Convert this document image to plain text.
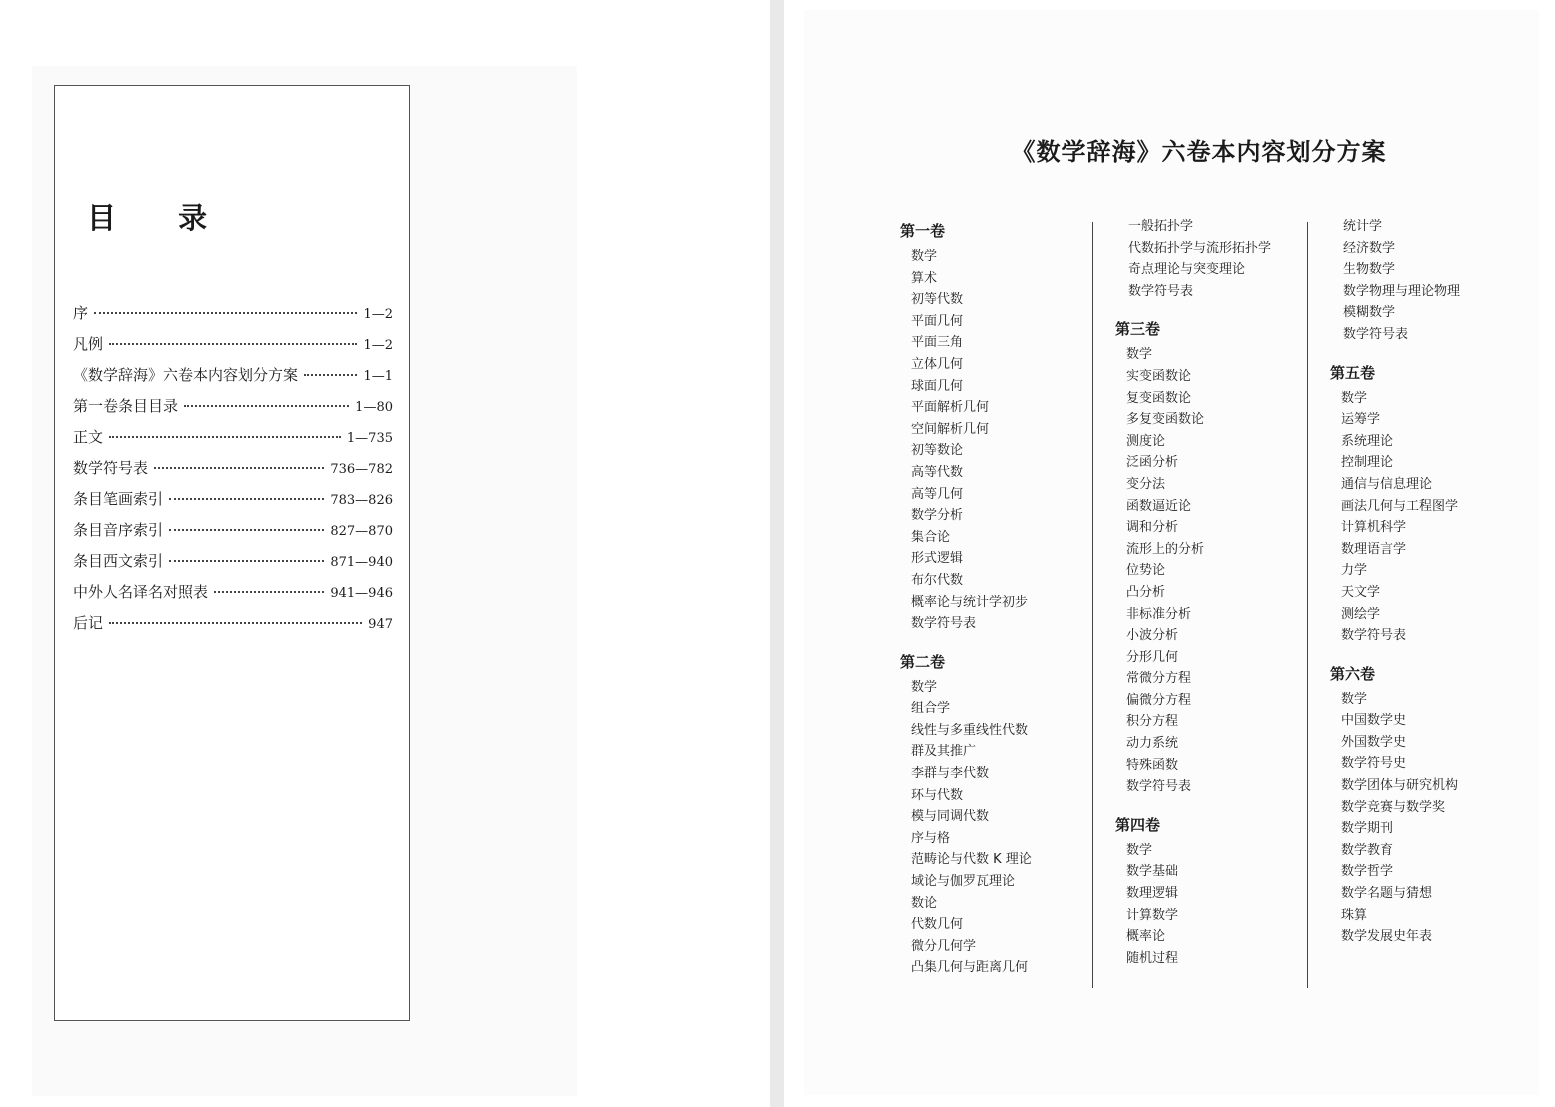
目 录
序	1—2
凡例	1—2
《数学辞海》六卷本内容划分方案	1—1
第一卷条目目录	1—80
正文	1—735
数学符号表	736—782
条目笔画索引	783—826
条目音序索引	827—870
条目西文索引	871—940
中外人名译名对照表	941—946
后记	947
《数学辞海》六卷本内容划分方案
第一卷
数学
算术
初等代数
平面几何
平面三角
立体几何
球面几何
平面解析几何
空间解析几何
初等数论
高等代数
高等几何
数学分析
集合论
形式逻辑
布尔代数
概率论与统计学初步
数学符号表
第二卷
数学
组合学
线性与多重线性代数
群及其推广
李群与李代数
环与代数
模与同调代数
序与格
范畴论与代数 K 理论
域论与伽罗瓦理论
数论
代数几何
微分几何学
凸集几何与距离几何
一般拓扑学
代数拓扑学与流形拓扑学
奇点理论与突变理论
数学符号表
第三卷
数学
实变函数论
复变函数论
多复变函数论
测度论
泛函分析
变分法
函数逼近论
调和分析
流形上的分析
位势论
凸分析
非标准分析
小波分析
分形几何
常微分方程
偏微分方程
积分方程
动力系统
特殊函数
数学符号表
第四卷
数学
数学基础
数理逻辑
计算数学
概率论
随机过程
统计学
经济数学
生物数学
数学物理与理论物理
模糊数学
数学符号表
第五卷
数学
运筹学
系统理论
控制理论
通信与信息理论
画法几何与工程图学
计算机科学
数理语言学
力学
天文学
测绘学
数学符号表
第六卷
数学
中国数学史
外国数学史
数学符号史
数学团体与研究机构
数学竞赛与数学奖
数学期刊
数学教育
数学哲学
数学名题与猜想
珠算
数学发展史年表
